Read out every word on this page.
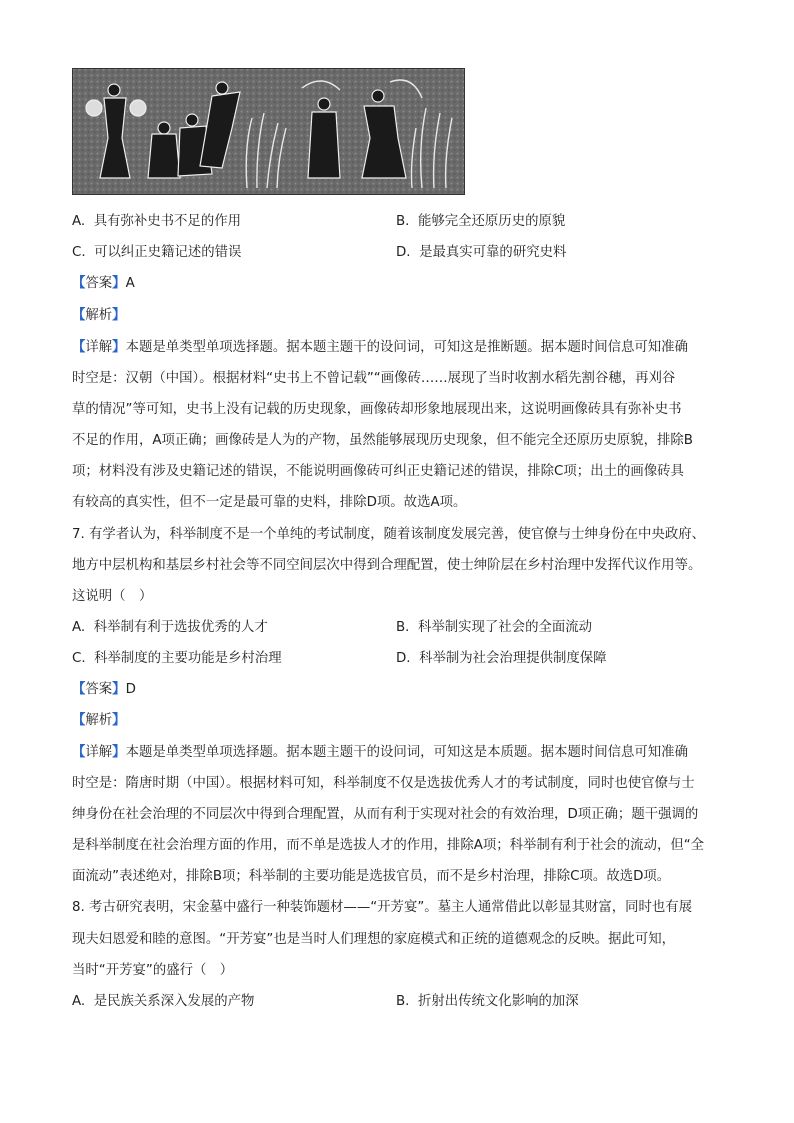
A. 具有弥补史书不足的作用	B. 能够完全还原历史的原貌
C. 可以纠正史籍记述的错误	D. 是最真实可靠的研究史料
【答案】A
【解析】
【详解】本题是单类型单项选择题。据本题主题干的设问词，可知这是推断题。据本题时间信息可知准确
时空是：汉朝（中国）。根据材料“史书上不曾记载”“画像砖……展现了当时收割水稻先割谷穗，再刈谷
草的情况”等可知，史书上没有记载的历史现象，画像砖却形象地展现出来，这说明画像砖具有弥补史书
不足的作用，A项正确；画像砖是人为的产物，虽然能够展现历史现象，但不能完全还原历史原貌，排除B
项；材料没有涉及史籍记述的错误，不能说明画像砖可纠正史籍记述的错误，排除C项；出土的画像砖具
有较高的真实性，但不一定是最可靠的史料，排除D项。故选A项。
7. 有学者认为，科举制度不是一个单纯的考试制度，随着该制度发展完善，使官僚与士绅身份在中央政府、
地方中层机构和基层乡村社会等不同空间层次中得到合理配置，使士绅阶层在乡村治理中发挥代议作用等。
这说明（　）
A. 科举制有利于选拔优秀的人才	B. 科举制实现了社会的全面流动
C. 科举制度的主要功能是乡村治理	D. 科举制为社会治理提供制度保障
【答案】D
【解析】
【详解】本题是单类型单项选择题。据本题主题干的设问词，可知这是本质题。据本题时间信息可知准确
时空是：隋唐时期（中国）。根据材料可知，科举制度不仅是选拔优秀人才的考试制度，同时也使官僚与士
绅身份在社会治理的不同层次中得到合理配置，从而有利于实现对社会的有效治理，D项正确；题干强调的
是科举制度在社会治理方面的作用，而不单是选拔人才的作用，排除A项；科举制有利于社会的流动，但“全
面流动”表述绝对，排除B项；科举制的主要功能是选拔官员，而不是乡村治理，排除C项。故选D项。
8. 考古研究表明，宋金墓中盛行一种装饰题材——“开芳宴”。墓主人通常借此以彰显其财富，同时也有展
现夫妇恩爱和睦的意图。“开芳宴”也是当时人们理想的家庭模式和正统的道德观念的反映。据此可知，
当时“开芳宴”的盛行（　）
A. 是民族关系深入发展的产物	B. 折射出传统文化影响的加深
